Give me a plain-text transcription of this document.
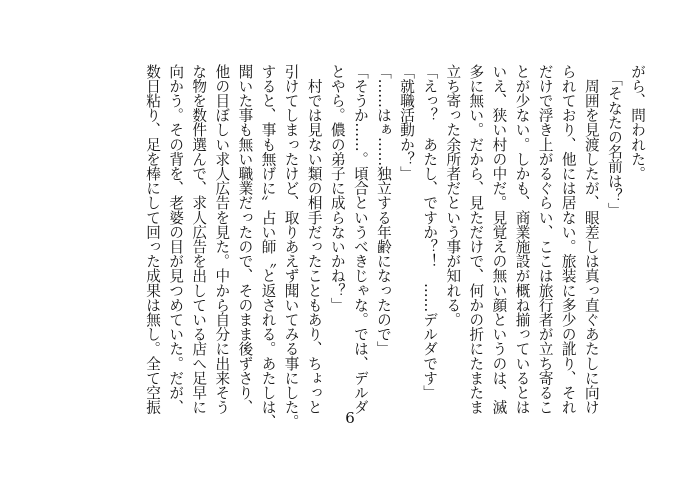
がら、問われた。
　「そなたの名前は？」
　周囲を見渡したが、眼差しは真っ直ぐあたしに向け
られており、他には居ない。旅装に多少の訛り、それ
だけで浮き上がるぐらい、ここは旅行者が立ち寄るこ
とが少ない。しかも、商業施設が概ね揃っているとは
いえ、狭い村の中だ。見覚えの無い顔というのは、滅
多に無い。だから、見ただけで、何かの折にたまたま
立ち寄った余所者だという事が知れる。
「えっ？　あたし、ですか？！　……デルダです」
「就職活動か？」
「……はぁ……独立する年齢になったので」
「そうか……。頃合というべきじゃな。では、デルダ
とやら。儂の弟子に成らないかね？」
　村では見ない類の相手だったこともあり、ちょっと
引けてしまったけど、取りあえず聞いてみる事にした。
すると、事も無げに〟占い師〝と返される。あたしは、
聞いた事も無い職業だったので、そのまま後ずさり、
他の目ぼしい求人広告を見た。中から自分に出来そう
な物を数件選んで、求人広告を出している店へ足早に
向かう。その背を、老婆の目が見つめていた。だが、
数日粘り、足を棒にして回った成果は無し。全て空振
6
